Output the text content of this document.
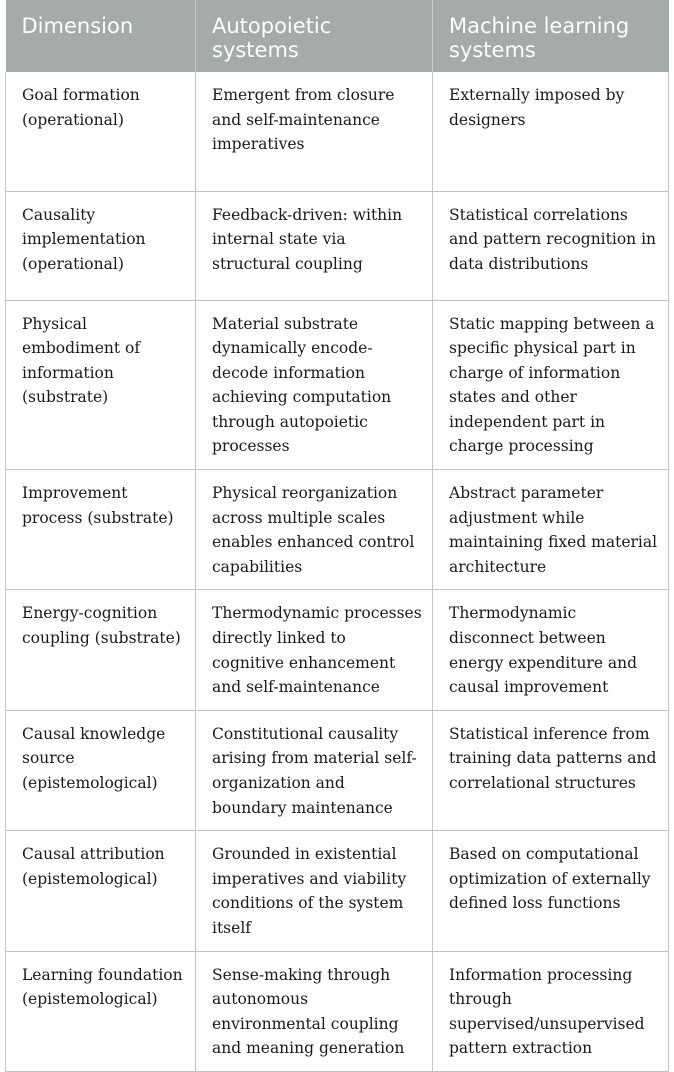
Dimension	Autopoietic systems	Machine learning systems
Goal formation (operational)	Emergent from closure and self-maintenance imperatives	Externally imposed by designers
Causality implementation (operational)	Feedback-driven: within internal state via structural coupling	Statistical correlations and pattern recognition in data distributions
Physical embodiment of information (substrate)	Material substrate dynamically encode-decode information achieving computation through autopoietic processes	Static mapping between a specific physical part in charge of information states and other independent part in charge processing
Improvement process (substrate)	Physical reorganization across multiple scales enables enhanced control capabilities	Abstract parameter adjustment while maintaining fixed material architecture
Energy-cognition coupling (substrate)	Thermodynamic processes directly linked to cognitive enhancement and self-maintenance	Thermodynamic disconnect between energy expenditure and causal improvement
Causal knowledge source (epistemological)	Constitutional causality arising from material self-organization and boundary maintenance	Statistical inference from training data patterns and correlational structures
Causal attribution (epistemological)	Grounded in existential imperatives and viability conditions of the system itself	Based on computational optimization of externally defined loss functions
Learning foundation (epistemological)	Sense-making through autonomous environmental coupling and meaning generation	Information processing through supervised/unsupervised pattern extraction
